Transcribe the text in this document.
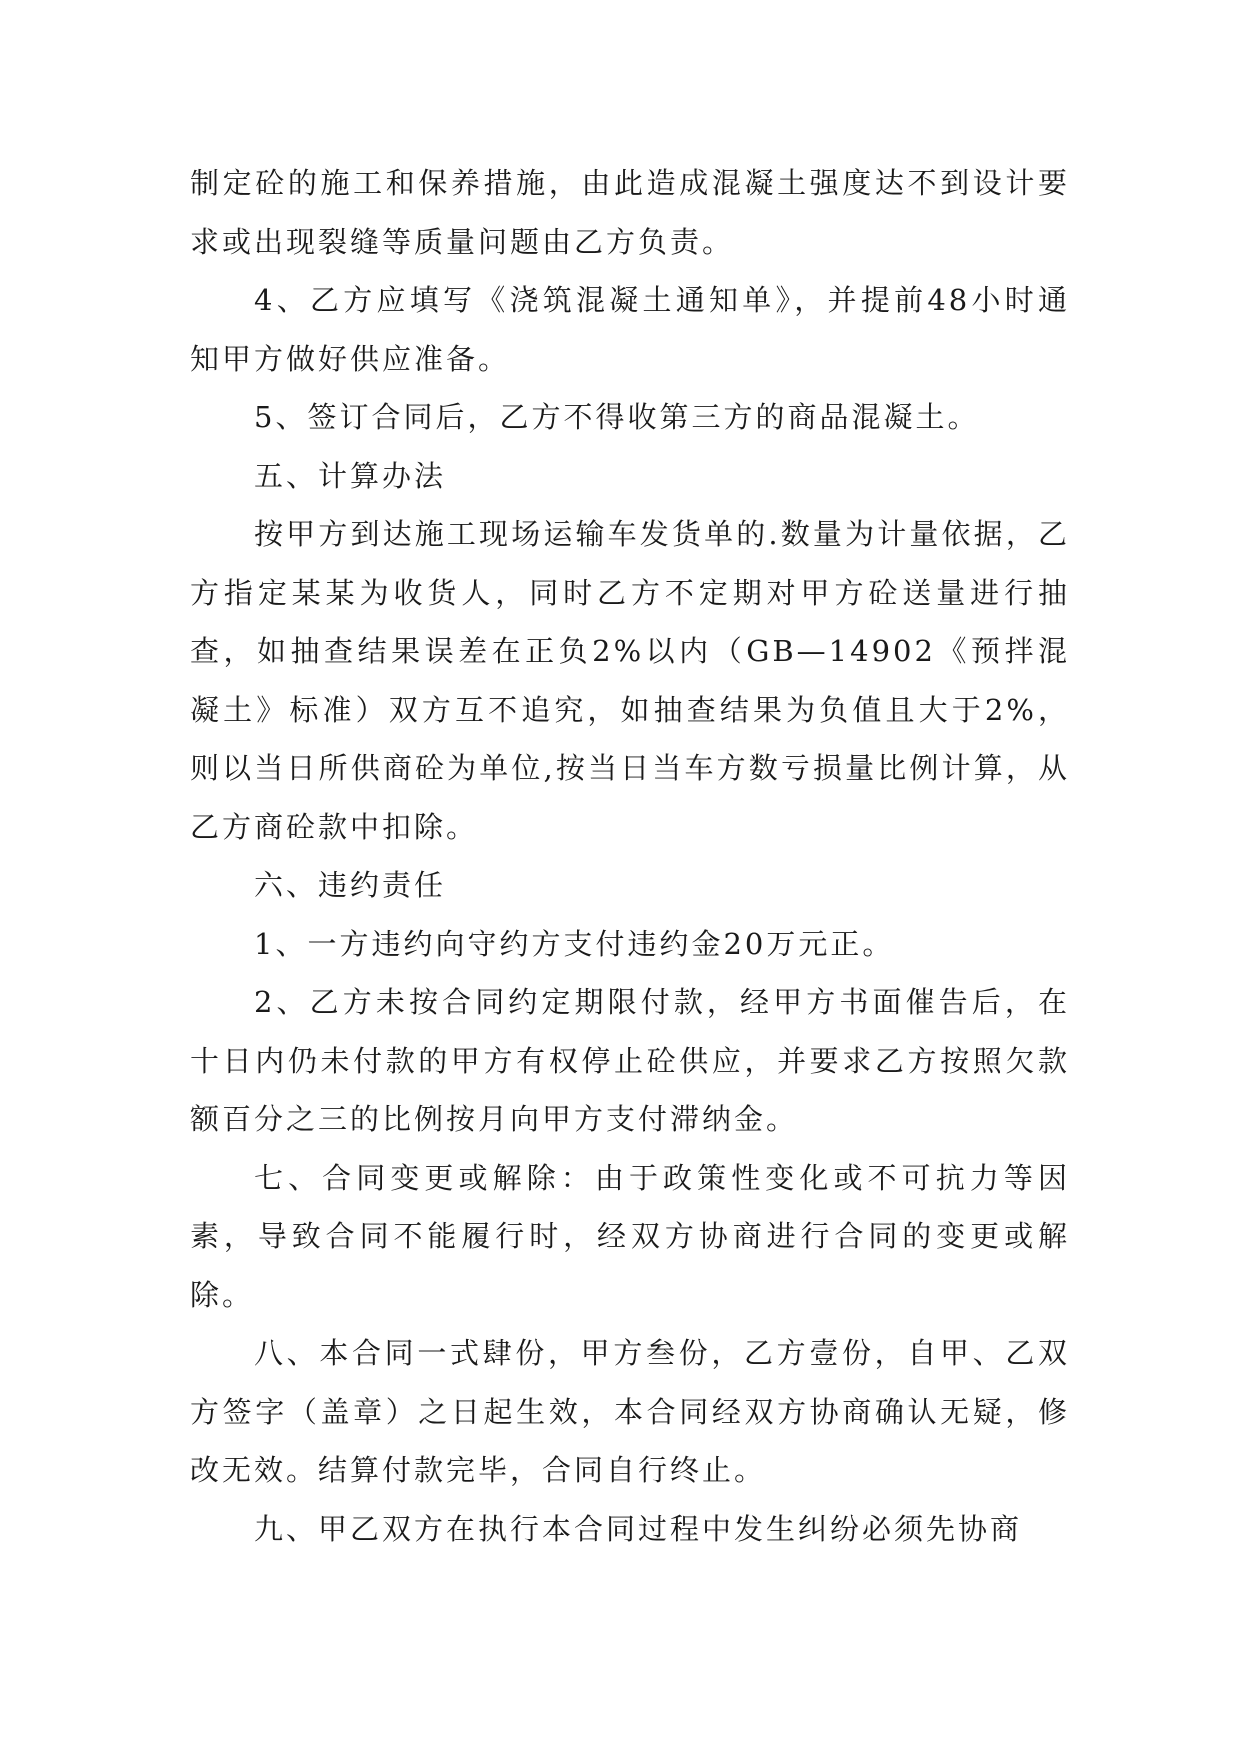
制定砼的施工和保养措施，由此造成混凝土强度达不到设计要求或出现裂缝等质量问题由乙方负责。

4、乙方应填写《浇筑混凝土通知单》，并提前48小时通知甲方做好供应准备。

5、签订合同后，乙方不得收第三方的商品混凝土。

五、计算办法

按甲方到达施工现场运输车发货单的.数量为计量依据，乙方指定某某为收货人，同时乙方不定期对甲方砼送量进行抽查，如抽查结果误差在正负2%以内（GB—14902《预拌混凝土》标准）双方互不追究，如抽查结果为负值且大于2%，则以当日所供商砼为单位,按当日当车方数亏损量比例计算，从乙方商砼款中扣除。

六、违约责任

1、一方违约向守约方支付违约金20万元正。

2、乙方未按合同约定期限付款，经甲方书面催告后，在十日内仍未付款的甲方有权停止砼供应，并要求乙方按照欠款额百分之三的比例按月向甲方支付滞纳金。

七、合同变更或解除：由于政策性变化或不可抗力等因素，导致合同不能履行时，经双方协商进行合同的变更或解除。

八、本合同一式肆份，甲方叁份，乙方壹份，自甲、乙双方签字（盖章）之日起生效，本合同经双方协商确认无疑，修改无效。结算付款完毕，合同自行终止。

九、甲乙双方在执行本合同过程中发生纠纷必须先协商
